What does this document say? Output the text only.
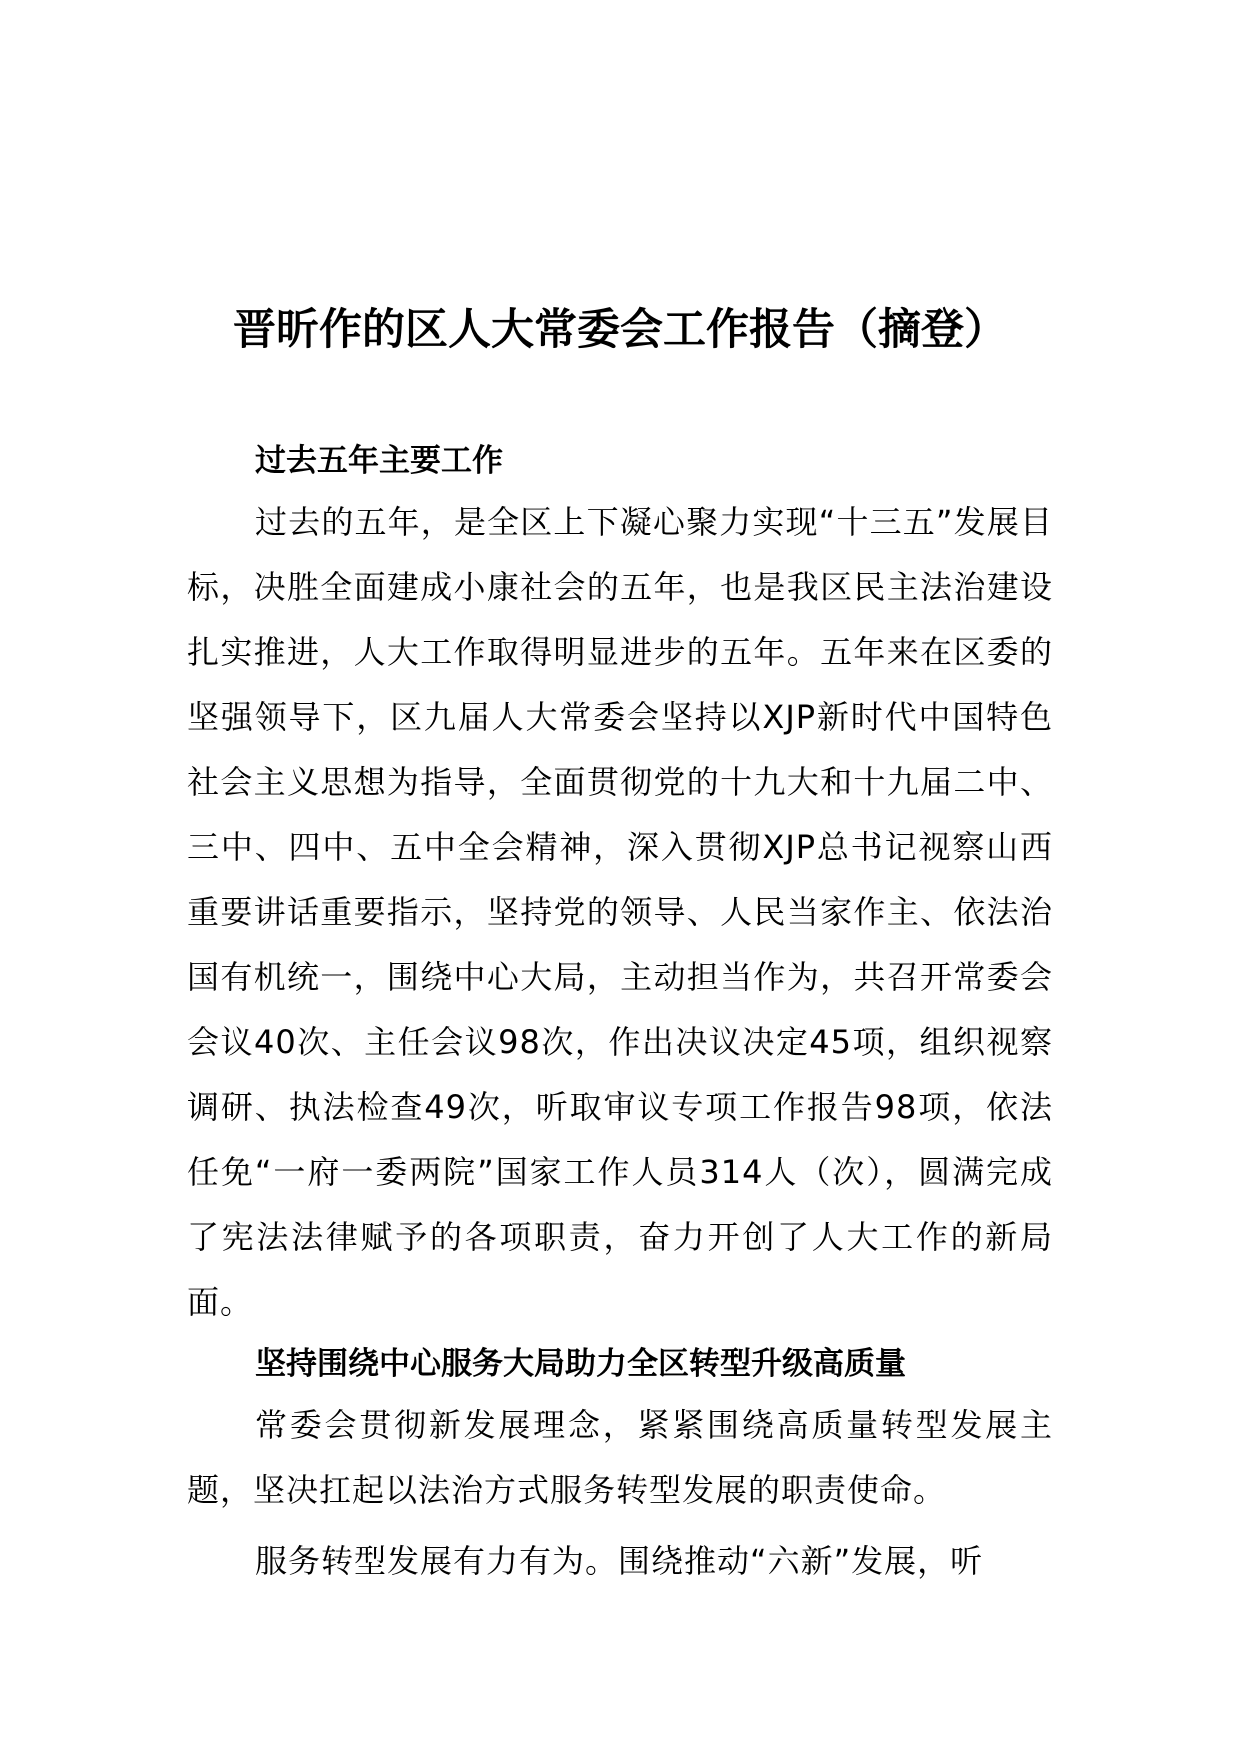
晋昕作的区人大常委会工作报告（摘登）
过去五年主要工作

过去的五年，是全区上下凝心聚力实现“十三五”发展目标，决胜全面建成小康社会的五年，也是我区民主法治建设扎实推进，人大工作取得明显进步的五年。五年来在区委的坚强领导下，区九届人大常委会坚持以XJP新时代中国特色社会主义思想为指导，全面贯彻党的十九大和十九届二中、三中、四中、五中全会精神，深入贯彻XJP总书记视察山西重要讲话重要指示，坚持党的领导、人民当家作主、依法治国有机统一，围绕中心大局，主动担当作为，共召开常委会会议40次、主任会议98次，作出决议决定45项，组织视察调研、执法检查49次，听取审议专项工作报告98项，依法任免“一府一委两院”国家工作人员314人（次），圆满完成了宪法法律赋予的各项职责，奋力开创了人大工作的新局面。

坚持围绕中心服务大局助力全区转型升级高质量

常委会贯彻新发展理念，紧紧围绕高质量转型发展主题，坚决扛起以法治方式服务转型发展的职责使命。

服务转型发展有力有为。围绕推动“六新”发展，听
